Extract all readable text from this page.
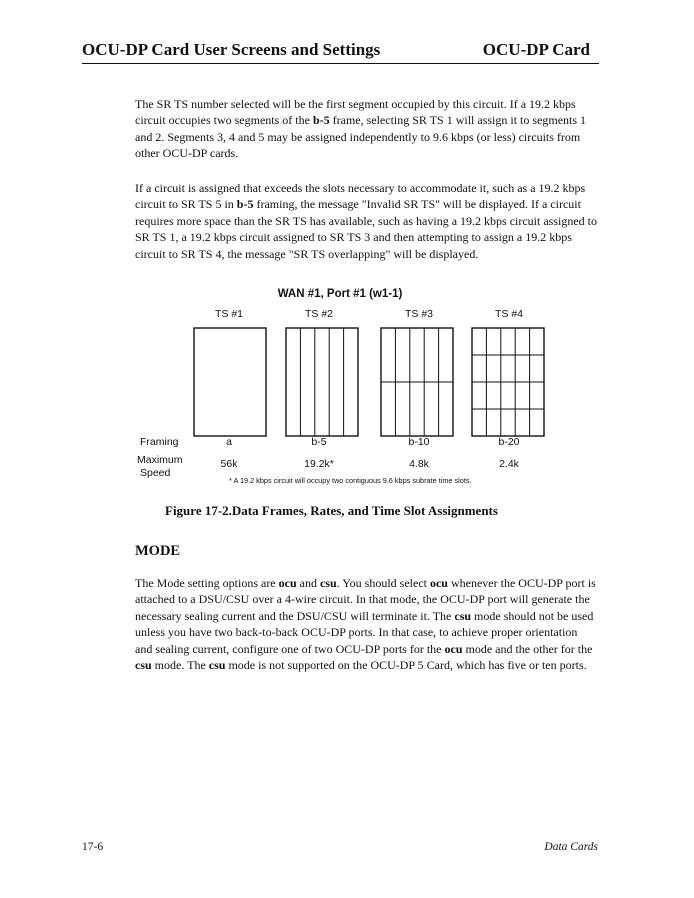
OCU-DP Card User Screens and Settings	OCU-DP Card

The SR TS number selected will be the first segment occupied by this circuit. If a 19.2 kbps circuit occupies two segments of the b-5 frame, selecting SR TS 1 will assign it to segments 1 and 2. Segments 3, 4 and 5 may be assigned independently to 9.6 kbps (or less) circuits from other OCU-DP cards.

If a circuit is assigned that exceeds the slots necessary to accommodate it, such as a 19.2 kbps circuit to SR TS 5 in b-5 framing, the message "Invalid SR TS" will be displayed. If a circuit requires more space than the SR TS has available, such as having a 19.2 kbps circuit assigned to SR TS 1, a 19.2 kbps circuit assigned to SR TS 3 and then attempting to assign a 19.2 kbps circuit to SR TS 4, the message "SR TS overlapping" will be displayed.

WAN #1, Port #1 (w1-1)
TS #1
a
56k
TS #2
b-5
19.2k*
TS #3
b-10
4.8k
TS #4
b-20
2.4k
Framing
Maximum
Speed
* A 19.2 kbps circuit will occupy two contiguous 9.6 kbps subrate time slots.
Figure 17-2.Data Frames, Rates, and Time Slot Assignments
MODE

The Mode setting options are ocu and csu. You should select ocu whenever the OCU-DP port is attached to a DSU/CSU over a 4-wire circuit. In that mode, the OCU-DP port will generate the necessary sealing current and the DSU/CSU will terminate it. The csu mode should not be used unless you have two back-to-back OCU-DP ports. In that case, to achieve proper orientation and sealing current, configure one of two OCU-DP ports for the ocu mode and the other for the csu mode. The csu mode is not supported on the OCU-DP 5 Card, which has five or ten ports.

17-6	Data Cards
